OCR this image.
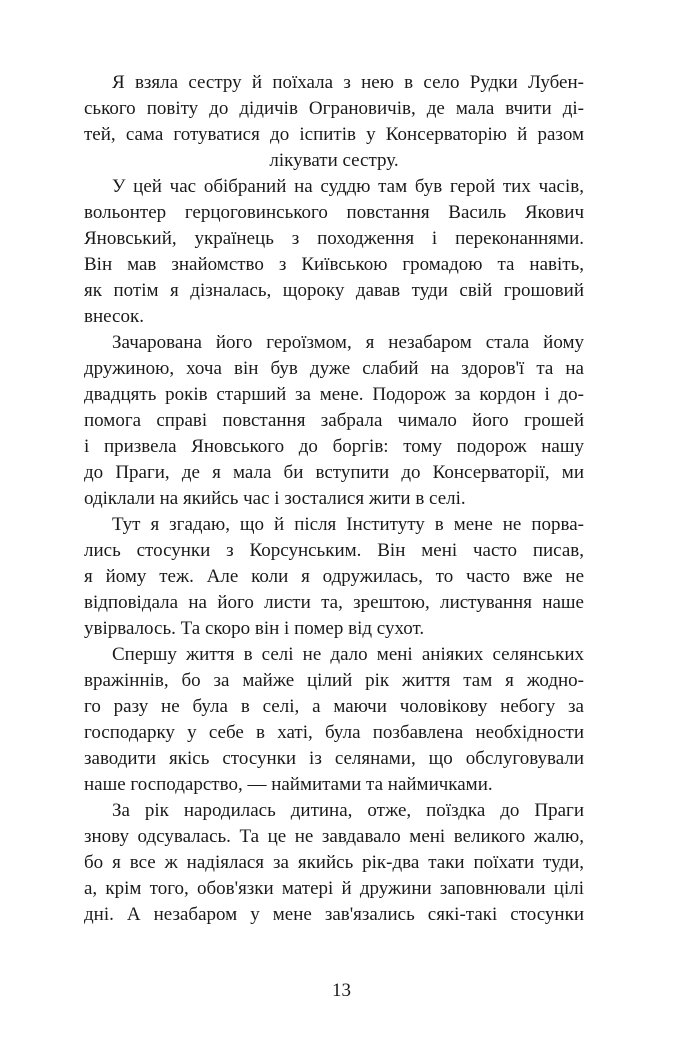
Я взяла сестру й поїхала з нею в село Рудки Лубен-
ського повіту до дідичів Ограновичів, де мала вчити ді-
тей, сама готуватися до іспитів у Консерваторію й разом
лікувати сестру.
У цей час обібраний на суддю там був герой тих часів,
вольонтер герцоговинського повстання Василь Якович
Яновський, українець з походження і переконаннями.
Він мав знайомство з Київською громадою та навіть,
як потім я дізналась, щороку давав туди свій грошовий
внесок.
Зачарована його героїзмом, я незабаром стала йому
дружиною, хоча він був дуже слабий на здоров'ї та на
двадцять років старший за мене. Подорож за кордон і до-
помога справі повстання забрала чимало його грошей
і призвела Яновського до боргів: тому подорож нашу
до Праги, де я мала би вступити до Консерваторії, ми
одіклали на якийсь час і зосталися жити в селі.
Тут я згадаю, що й після Інституту в мене не порва-
лись стосунки з Корсунським. Він мені часто писав,
я йому теж. Але коли я одружилась, то часто вже не
відповідала на його листи та, зрештою, листування наше
увірвалось. Та скоро він і помер від сухот.
Спершу життя в селі не дало мені аніяких селянських
вражіннів, бо за майже цілий рік життя там я жодно-
го разу не була в селі, а маючи чоловікову небогу за
господарку у себе в хаті, була позбавлена необхідности
заводити якісь стосунки із селянами, що обслуговували
наше господарство, — наймитами та наймичками.
За рік народилась дитина, отже, поїздка до Праги
знову одсувалась. Та це не завдавало мені великого жалю,
бо я все ж надіялася за якийсь рік-два таки поїхати туди,
а, крім того, обов'язки матері й дружини заповнювали цілі
дні. А незабаром у мене зав'язались сякі-такі стосунки
13
